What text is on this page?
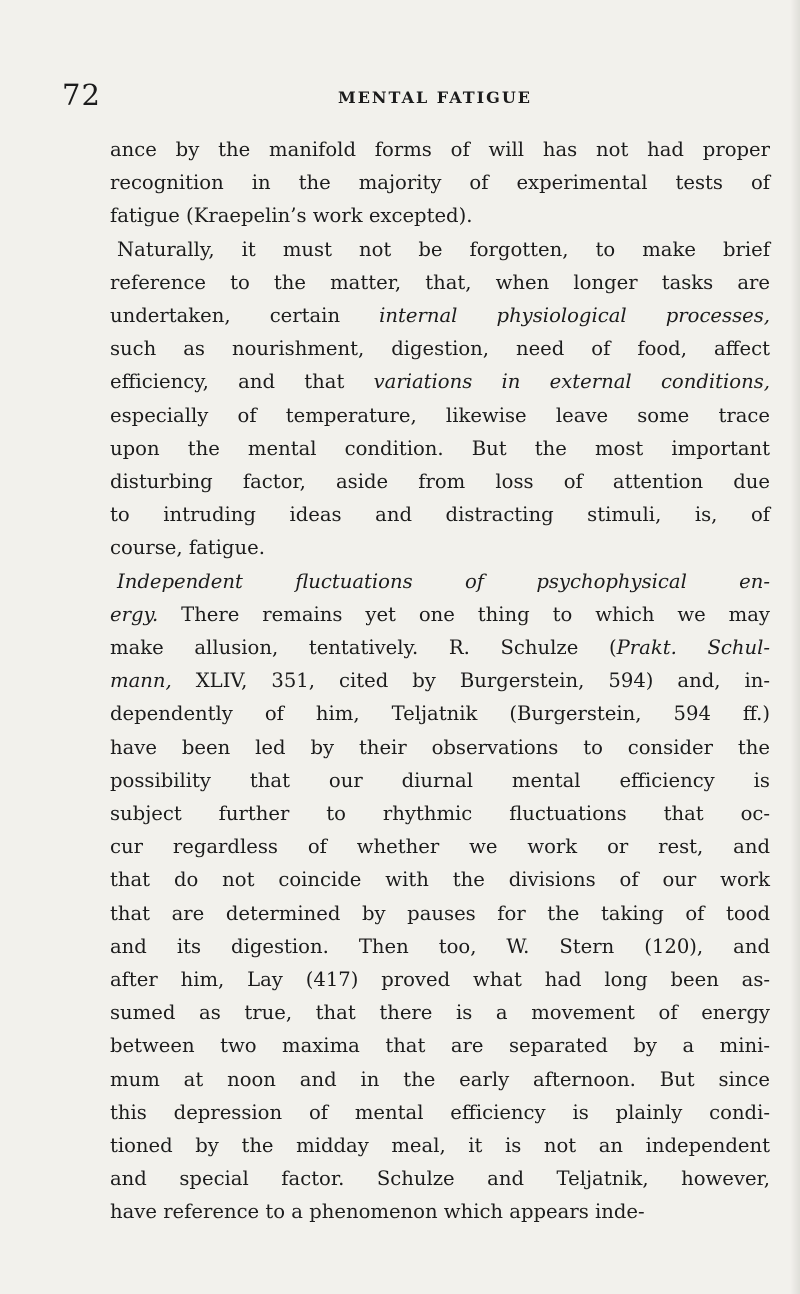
72	MENTAL FATIGUE
ance by the manifold forms of will has not had proper
recognition in the majority of experimental tests of
fatigue (Kraepelin’s work excepted).
Naturally, it must not be forgotten, to make brief
reference to the matter, that, when longer tasks are
undertaken, certain internal physiological processes,
such as nourishment, digestion, need of food, affect
efficiency, and that variations in external conditions,
especially of temperature, likewise leave some trace
upon the mental condition. But the most important
disturbing factor, aside from loss of attention due
to intruding ideas and distracting stimuli, is, of
course, fatigue.
Independent fluctuations of psychophysical en-
ergy. There remains yet one thing to which we may
make allusion, tentatively. R. Schulze (Prakt. Schul-
mann, XLIV, 351, cited by Burgerstein, 594) and, in-
dependently of him, Teljatnik (Burgerstein, 594 ff.)
have been led by their observations to consider the
possibility that our diurnal mental efficiency is
subject further to rhythmic fluctuations that oc-
cur regardless of whether we work or rest, and
that do not coincide with the divisions of our work
that are determined by pauses for the taking of tood
and its digestion. Then too, W. Stern (120), and
after him, Lay (417) proved what had long been as-
sumed as true, that there is a movement of energy
between two maxima that are separated by a mini-
mum at noon and in the early afternoon. But since
this depression of mental efficiency is plainly condi-
tioned by the midday meal, it is not an independent
and special factor. Schulze and Teljatnik, however,
have reference to a phenomenon which appears inde-
